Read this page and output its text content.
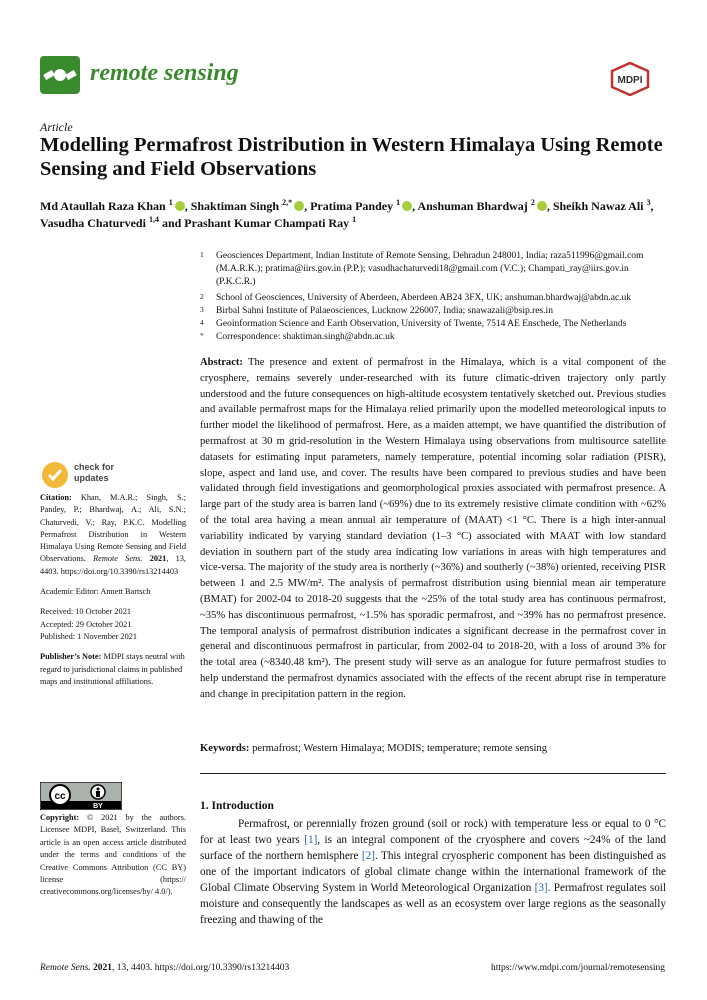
remote sensing	MDPI
Article
Modelling Permafrost Distribution in Western Himalaya Using Remote Sensing and Field Observations
Md Ataullah Raza Khan $^1$ , Shaktiman Singh $^{2,*}$ , Pratima Pandey $^1$ , Anshuman Bhardwaj $^2$ , Sheikh Nawaz Ali $^3$, Vasudha Chaturvedi $^{1,4}$ and Prashant Kumar Champati Ray $^1$
1 Geosciences Department, Indian Institute of Remote Sensing, Dehradun 248001, India; raza511996@gmail.com (M.A.R.K.); pratima@iirs.gov.in (P.P.); vasudhachaturvedi18@gmail.com (V.C.); Champati_ray@iirs.gov.in (P.K.C.R.)
2 School of Geosciences, University of Aberdeen, Aberdeen AB24 3FX, UK; anshuman.bhardwaj@abdn.ac.uk
3 Birbal Sahni Institute of Palaeosciences, Lucknow 226007, India; snawazali@bsip.res.in
4 Geoinformation Science and Earth Observation, University of Twente, 7514 AE Enschede, The Netherlands
* Correspondence: shaktiman.singh@abdn.ac.uk
Abstract: The presence and extent of permafrost in the Himalaya, which is a vital component of the cryosphere, remains severely under-researched with its future climatic-driven trajectory only partly understood and the future consequences on high-altitude ecosystem tentatively sketched out. Previous studies and available permafrost maps for the Himalaya relied primarily upon the modelled meteorological inputs to further model the likelihood of permafrost. Here, as a maiden attempt, we have quantified the distribution of permafrost at 30 m grid-resolution in the Western Himalaya using observations from multisource satellite datasets for estimating input parameters, namely temperature, potential incoming solar radiation (PISR), slope, aspect and land use, and cover. The results have been compared to previous studies and have been validated through field investigations and geomorphological proxies associated with permafrost presence. A large part of the study area is barren land (~69%) due to its extremely resistive climate condition with ~62% of the total area having a mean annual air temperature of (MAAT) <1 °C. There is a high inter-annual variability indicated by varying standard deviation (1–3 °C) associated with MAAT with low standard deviation in southern part of the study area indicating low variations in areas with high temperatures and vice-versa. The majority of the study area is northerly (~36%) and southerly (~38%) oriented, receiving PISR between 1 and 2.5 MW/m². The analysis of permafrost distribution using biennial mean air temperature (BMAT) for 2002-04 to 2018-20 suggests that the ~25% of the total study area has continuous permafrost, ~35% has discontinuous permafrost, ~1.5% has sporadic permafrost, and ~39% has no permafrost presence. The temporal analysis of permafrost distribution indicates a significant decrease in the permafrost cover in general and discontinuous permafrost in particular, from 2002-04 to 2018-20, with a loss of around 3% for the total area (~8340.48 km²). The present study will serve as an analogue for future permafrost studies to help understand the permafrost dynamics associated with the effects of the recent abrupt rise in temperature and change in precipitation pattern in the region.
Keywords: permafrost; Western Himalaya; MODIS; temperature; remote sensing
1. Introduction
Permafrost, or perennially frozen ground (soil or rock) with temperature less or equal to 0 °C for at least two years [1], is an integral component of the cryosphere and covers ~24% of the land surface of the northern hemisphere [2]. This integral cryospheric component has been distinguished as one of the important indicators of global climate change within the international framework of the Global Climate Observing System in World Meteorological Organization [3]. Permafrost regulates soil moisture and consequently the landscapes as well as an ecosystem over large regions as the seasonally freezing and thawing of the
check for
updates

Citation: Khan, M.A.R.; Singh, S.; Pandey, P.; Bhardwaj, A.; Ali, S.N.; Chaturvedi, V.; Ray, P.K.C. Modelling Permafrost Distribution in Western Himalaya Using Remote Sensing and Field Observations. Remote Sens. 2021, 13, 4403. https://doi.org/10.3390/rs13214403

Academic Editor: Annett Bartsch

Received: 10 October 2021

Accepted: 29 October 2021

Published: 1 November 2021

Publisher’s Note: MDPI stays neutral with regard to jurisdictional claims in published maps and institutional affiliations.

cc
BY
Copyright: © 2021 by the authors. Licensee MDPI, Basel, Switzerland. This article is an open access article distributed under the terms and conditions of the Creative Commons Attribution (CC BY) license (https:// creativecommons.org/licenses/by/ 4.0/).
Remote Sens. 2021, 13, 4403. https://doi.org/10.3390/rs13214403	https://www.mdpi.com/journal/remotesensing
